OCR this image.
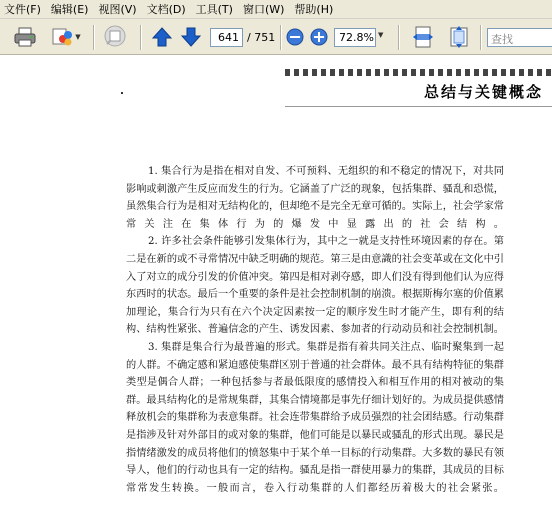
文件(F) 编辑(E) 视图(V) 文档(D) 工具(T) 窗口(W) 帮助(H)
▼	641 / 751	72.8% ▼	查找
总结与关键概念

1. 集合行为是指在相对自发、不可预料、无组织的和不稳定的情况下，对共同影响或刺激产生反应而发生的行为。它涵盖了广泛的现象，包括集群、骚乱和恐慌，虽然集合行为是相对无结构化的，但却绝不是完全无章可循的。实际上，社会学家常常关注在集体行为的爆发中显露出的社会结构。

2. 许多社会条件能够引发集体行为，其中之一就是支持性环境因素的存在。第二是在新的或不寻常情况中缺乏明确的规范。第三是由意識的社会变革或在文化中引入了对立的成分引发的价值冲突。第四是相对剥夺感，即人们没有得到他们认为应得东西时的状态。最后一个重要的条件是社会控制机制的崩溃。根据斯梅尔塞的价值累加理论，集合行为只有在六个决定因素按一定的顺序发生时才能产生，即有利的结构、结构性紧张、普遍信念的产生、诱发因素、参加者的行动动员和社会控制机制。

3. 集群是集合行为最普遍的形式。集群是指有着共同关注点、临时聚集到一起的人群。不确定感和紧迫感使集群区别于普通的社会群体。最不具有结构特征的集群类型是偶合人群；一种包括参与者最低限度的感情投入和相互作用的相对被动的集群。最具结构化的是常规集群，其集合情境都是事先仔细计划好的。为成员提供感情释放机会的集群称为表意集群。社会连带集群给予成员强烈的社会团结感。行动集群是指涉及针对外部目的或对象的集群，他们可能是以暴民或骚乱的形式出现。暴民是指情绪激发的成员将他们的愤怒集中于某个单一目标的行动集群。大多数的暴民有领导人，他们的行动也具有一定的结构。骚乱是指一群使用暴力的集群，其成员的目标常常发生转换。一般而言，卷入行动集群的人们都经历着极大的社会紧张。
